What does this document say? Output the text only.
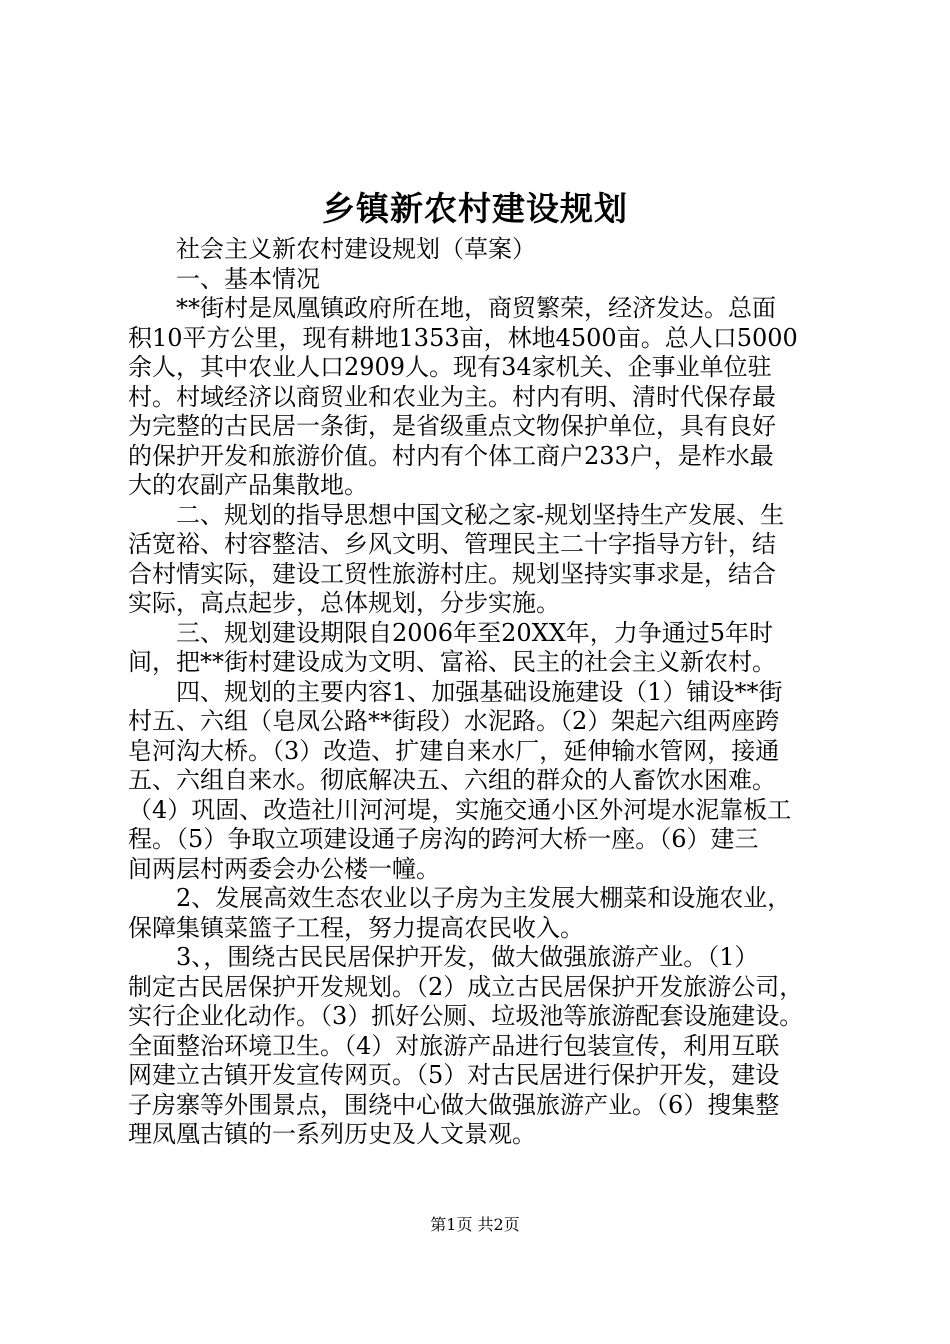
乡镇新农村建设规划
　　社会主义新农村建设规划（草案）
　　一、基本情况
　　**街村是凤凰镇政府所在地，商贸繁荣，经济发达。总面
积10平方公里，现有耕地1353亩，林地4500亩。总人口5000
余人，其中农业人口2909人。现有34家机关、企事业单位驻
村。村域经济以商贸业和农业为主。村内有明、清时代保存最
为完整的古民居一条街，是省级重点文物保护单位，具有良好
的保护开发和旅游价值。村内有个体工商户233户，是柞水最
大的农副产品集散地。
　　二、规划的指导思想中国文秘之家-规划坚持生产发展、生
活宽裕、村容整洁、乡风文明、管理民主二十字指导方针，结
合村情实际，建设工贸性旅游村庄。规划坚持实事求是，结合
实际，高点起步，总体规划，分步实施。
　　三、规划建设期限自2006年至20XX年，力争通过5年时
间，把**街村建设成为文明、富裕、民主的社会主义新农村。
　　四、规划的主要内容1、加强基础设施建设（1）铺设**街
村五、六组（皂凤公路**街段）水泥路。（2）架起六组两座跨
皂河沟大桥。（3）改造、扩建自来水厂，延伸输水管网，接通
五、六组自来水。彻底解决五、六组的群众的人畜饮水困难。
（4）巩固、改造社川河河堤，实施交通小区外河堤水泥靠板工
程。（5）争取立项建设通子房沟的跨河大桥一座。（6）建三
间两层村两委会办公楼一幢。
　　2、发展高效生态农业以子房为主发展大棚菜和设施农业，
保障集镇菜篮子工程，努力提高农民收入。
　　3、，围绕古民民居保护开发，做大做强旅游产业。（1）
制定古民居保护开发规划。（2）成立古民居保护开发旅游公司，
实行企业化动作。（3）抓好公厕、垃圾池等旅游配套设施建设。
全面整治环境卫生。（4）对旅游产品进行包装宣传，利用互联
网建立古镇开发宣传网页。（5）对古民居进行保护开发，建设
子房寨等外围景点，围绕中心做大做强旅游产业。（6）搜集整
理凤凰古镇的一系列历史及人文景观。
第1页 共2页
